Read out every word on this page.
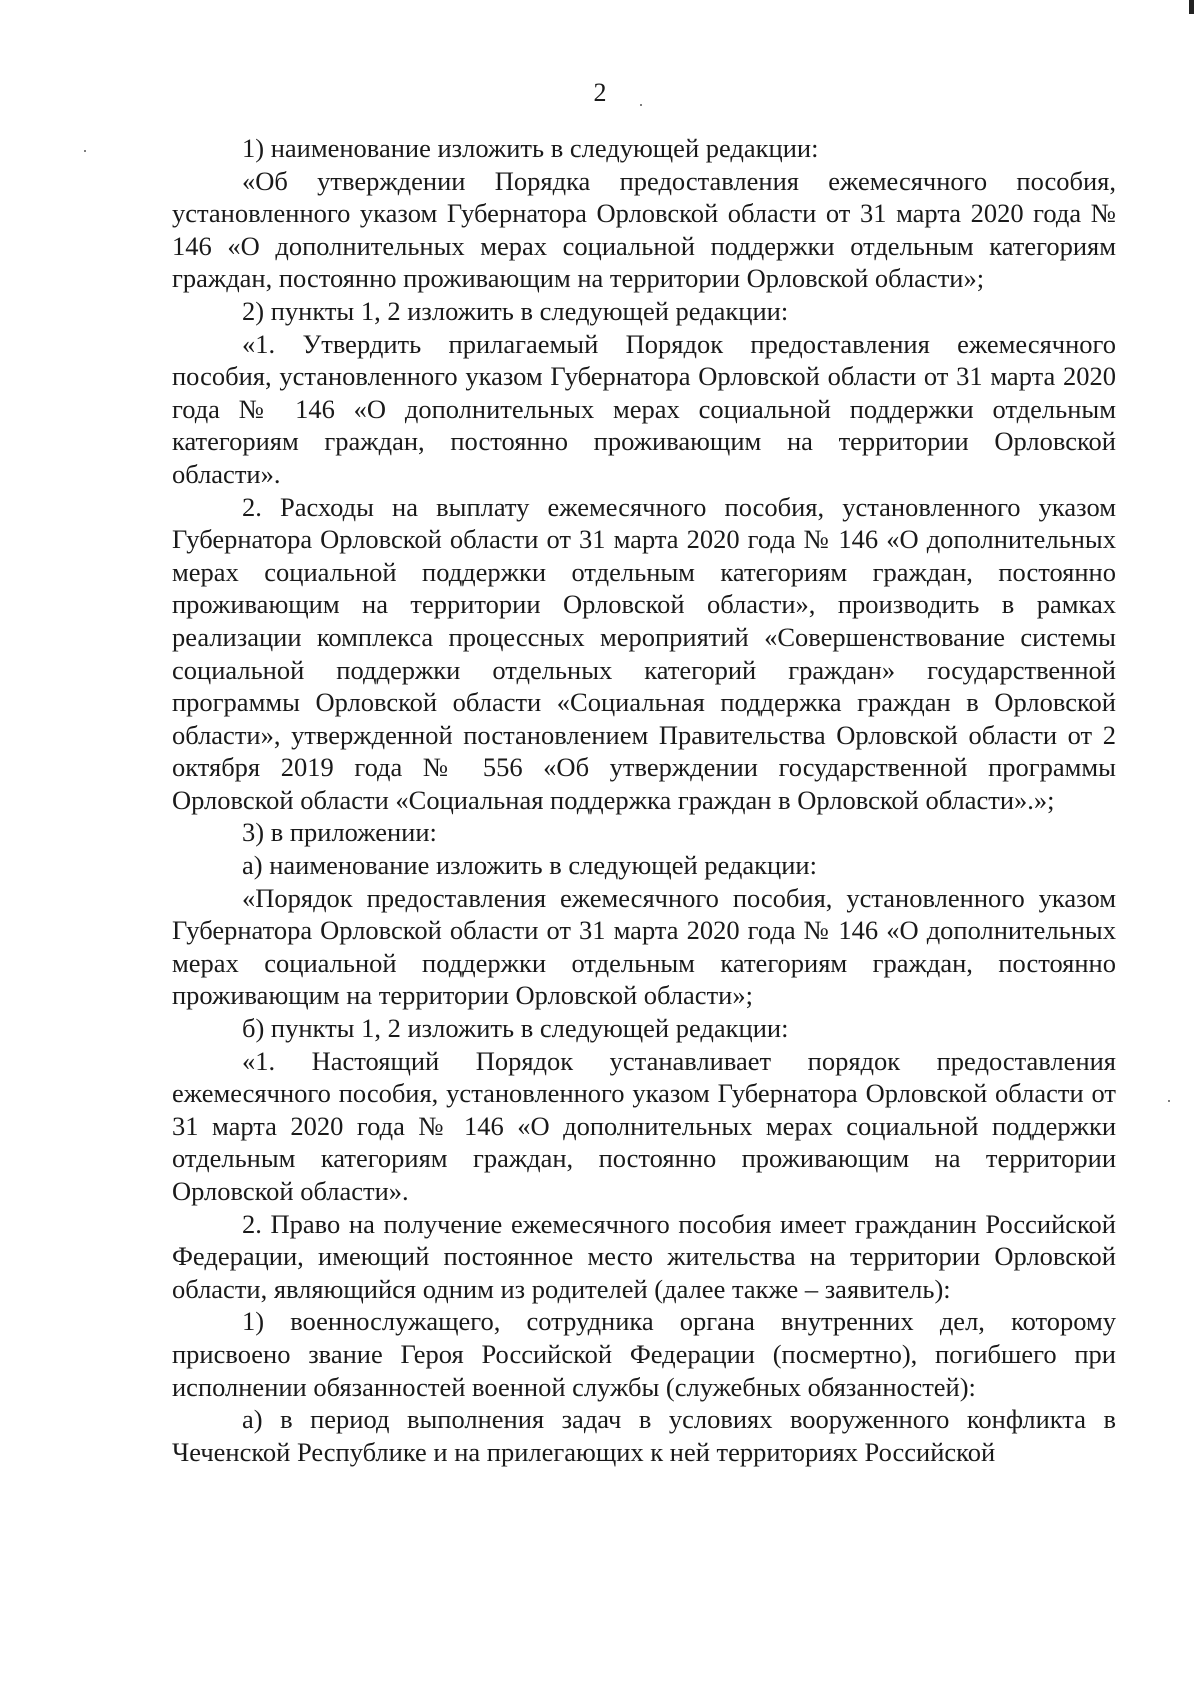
2

1) наименование изложить в следующей редакции:

«Об утверждении Порядка предоставления ежемесячного пособия, установленного указом Губернатора Орловской области от 31 марта 2020 года № 146 «О дополнительных мерах социальной поддержки отдельным категориям граждан, постоянно проживающим на территории Орловской области»;

2) пункты 1, 2 изложить в следующей редакции:

«1. Утвердить прилагаемый Порядок предоставления ежемесячного пособия, установленного указом Губернатора Орловской области от 31 марта 2020 года № 146 «О дополнительных мерах социальной поддержки отдельным категориям граждан, постоянно проживающим на территории Орловской области».

2. Расходы на выплату ежемесячного пособия, установленного указом Губернатора Орловской области от 31 марта 2020 года № 146 «О дополнительных мерах социальной поддержки отдельным категориям граждан, постоянно проживающим на территории Орловской области», производить в рамках реализации комплекса процессных мероприятий «Совершенствование системы социальной поддержки отдельных категорий граждан» государственной программы Орловской области «Социальная поддержка граждан в Орловской области», утвержденной постановлением Правительства Орловской области от 2 октября 2019 года № 556 «Об утверждении государственной программы Орловской области «Социальная поддержка граждан в Орловской области».»;

3) в приложении:

а) наименование изложить в следующей редакции:

«Порядок предоставления ежемесячного пособия, установленного указом Губернатора Орловской области от 31 марта 2020 года № 146 «О дополнительных мерах социальной поддержки отдельным категориям граждан, постоянно проживающим на территории Орловской области»;

б) пункты 1, 2 изложить в следующей редакции:

«1. Настоящий Порядок устанавливает порядок предоставления ежемесячного пособия, установленного указом Губернатора Орловской области от 31 марта 2020 года № 146 «О дополнительных мерах социальной поддержки отдельным категориям граждан, постоянно проживающим на территории Орловской области».

2. Право на получение ежемесячного пособия имеет гражданин Российской Федерации, имеющий постоянное место жительства на территории Орловской области, являющийся одним из родителей (далее также – заявитель):

1) военнослужащего, сотрудника органа внутренних дел, которому присвоено звание Героя Российской Федерации (посмертно), погибшего при исполнении обязанностей военной службы (служебных обязанностей):

а) в период выполнения задач в условиях вооруженного конфликта в Чеченской Республике и на прилегающих к ней территориях Российской
